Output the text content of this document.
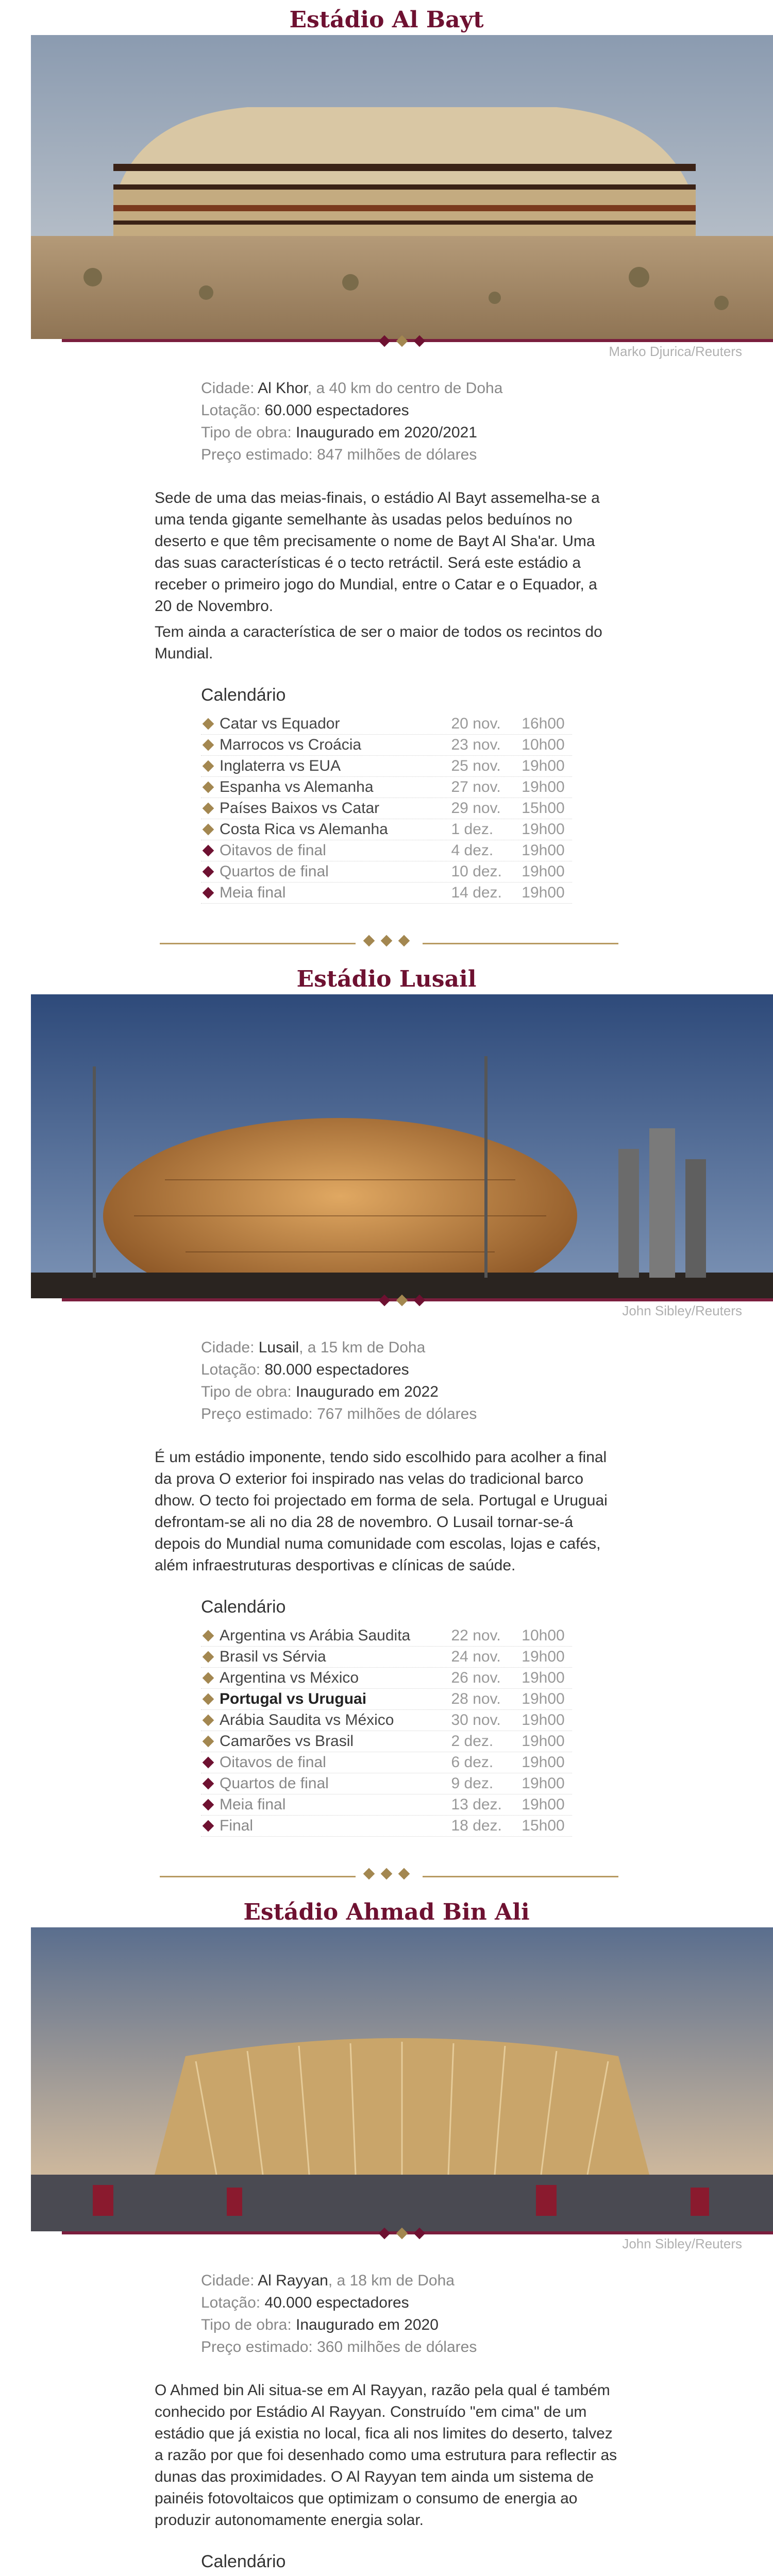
Estádio Al Bayt
Marko Djurica/Reuters
Cidade: Al Khor, a 40 km do centro de Doha
Lotação: 60.000 espectadores
Tipo de obra: Inaugurado em 2020/2021
Preço estimado: 847 milhões de dólares

Sede de uma das meias-finais, o estádio Al Bayt assemelha-se a uma tenda gigante semelhante às usadas pelos beduínos no deserto e que têm precisamente o nome de Bayt Al Sha'ar. Uma das suas características é o tecto retráctil. Será este estádio a receber o primeiro jogo do Mundial, entre o Catar e o Equador, a 20 de Novembro.

Tem ainda a característica de ser o maior de todos os recintos do Mundial.

Calendário
Catar vs Equador	20 nov.	16h00
Marrocos vs Croácia	23 nov.	10h00
Inglaterra vs EUA	25 nov.	19h00
Espanha vs Alemanha	27 nov.	19h00
Países Baixos vs Catar	29 nov.	15h00
Costa Rica vs Alemanha	1 dez.	19h00
Oitavos de final	4 dez.	19h00
Quartos de final	10 dez.	19h00
Meia final	14 dez.	19h00
Estádio Lusail
John Sibley/Reuters
Cidade: Lusail, a 15 km de Doha
Lotação: 80.000 espectadores
Tipo de obra: Inaugurado em 2022
Preço estimado: 767 milhões de dólares

É um estádio imponente, tendo sido escolhido para acolher a final da prova O exterior foi inspirado nas velas do tradicional barco dhow. O tecto foi projectado em forma de sela. Portugal e Uruguai defrontam-se ali no dia 28 de novembro. O Lusail tornar-se-á depois do Mundial numa comunidade com escolas, lojas e cafés, além infraestruturas desportivas e clínicas de saúde.

Calendário
Argentina vs Arábia Saudita	22 nov.	10h00
Brasil vs Sérvia	24 nov.	19h00
Argentina vs México	26 nov.	19h00
Portugal vs Uruguai	28 nov.	19h00
Arábia Saudita vs México	30 nov.	19h00
Camarões vs Brasil	2 dez.	19h00
Oitavos de final	6 dez.	19h00
Quartos de final	9 dez.	19h00
Meia final	13 dez.	19h00
Final	18 dez.	15h00
Estádio Ahmad Bin Ali
John Sibley/Reuters
Cidade: Al Rayyan, a 18 km de Doha
Lotação: 40.000 espectadores
Tipo de obra: Inaugurado em 2020
Preço estimado: 360 milhões de dólares

O Ahmed bin Ali situa-se em Al Rayyan, razão pela qual é também conhecido por Estádio Al Rayyan. Construído "em cima" de um estádio que já existia no local, fica ali nos limites do deserto, talvez a razão por que foi desenhado como uma estrutura para reflectir as dunas das proximidades. O Al Rayyan tem ainda um sistema de painéis fotovoltaicos que optimizam o consumo de energia ao produzir autonomamente energia solar.

Calendário
